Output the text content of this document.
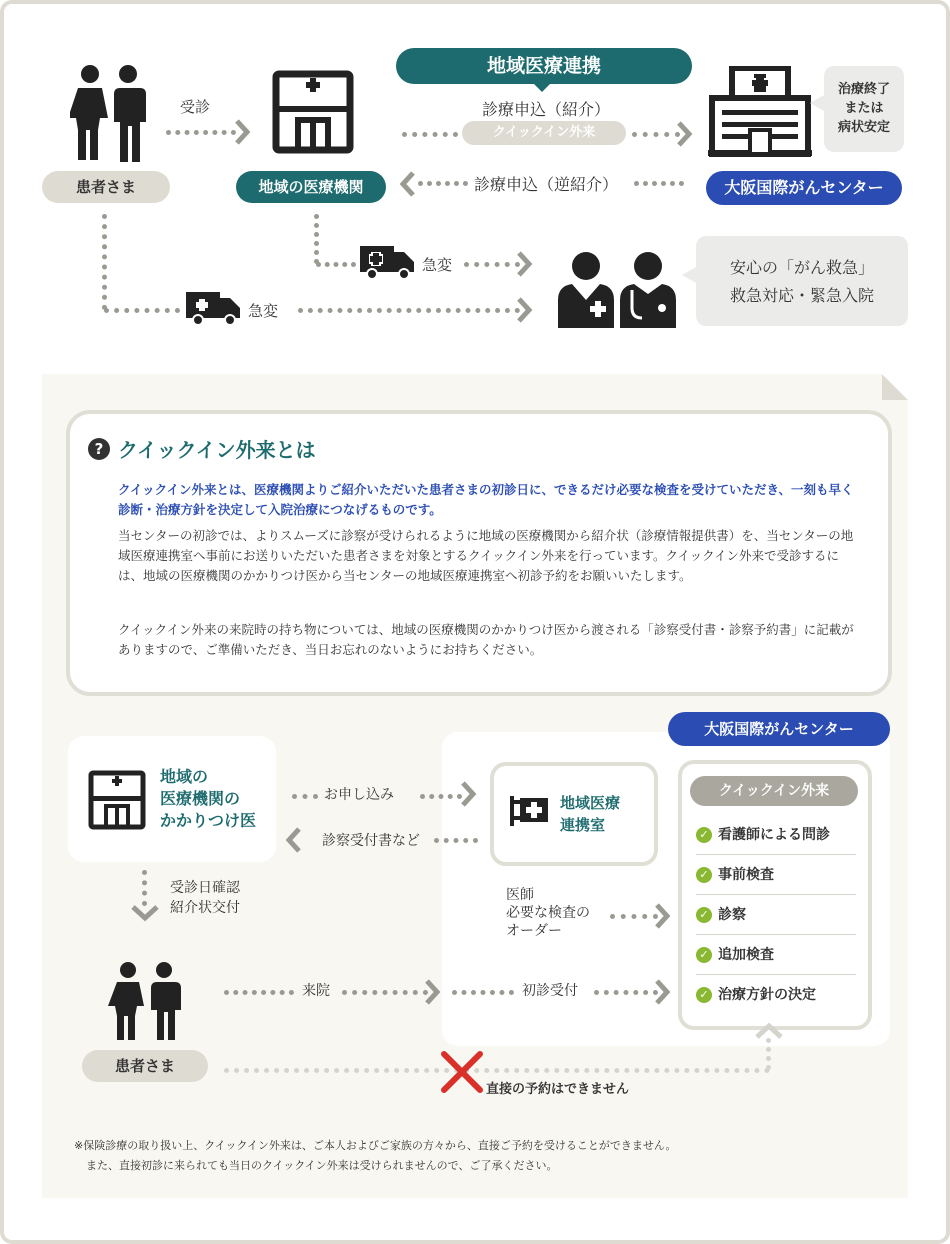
患者さま
受診
地域の医療機関
地域医療連携
診療申込（紹介）
クイックイン外来
診療申込（逆紹介）	大阪国際がんセンター
治療終了
または
病状安定
急変
急変
安心の「がん救急」
救急対応・緊急入院
? クイックイン外来とは
クイックイン外来とは、医療機関よりご紹介いただいた患者さまの初診日に、できるだけ必要な検査を受けていただき、一刻も早く診断・治療方針を決定して入院治療につなげるものです。
当センターの初診では、よりスムーズに診察が受けられるように地域の医療機関から紹介状（診療情報提供書）を、当センターの地域医療連携室へ事前にお送りいただいた患者さまを対象とするクイックイン外来を行っています。クイックイン外来で受診するには、地域の医療機関のかかりつけ医から当センターの地域医療連携室へ初診予約をお願いいたします。
クイックイン外来の来院時の持ち物については、地域の医療機関のかかりつけ医から渡される「診察受付書・診察予約書」に記載がありますので、ご準備いただき、当日お忘れのないようにお持ちください。
大阪国際がんセンター
地域の
医療機関の
かかりつけ医
お申し込み
診察受付書など
地域医療
連携室
クイックイン外来
✓ 看護師による問診
✓ 事前検査
✓ 診察
✓ 追加検査
✓ 治療方針の決定
受診日確認
紹介状交付
医師
必要な検査の
オーダー
患者さま
来院	初診受付
直接の予約はできません
※保険診療の取り扱い上、クイックイン外来は、ご本人およびご家族の方々から、直接ご予約を受けることができません。
また、直接初診に来られても当日のクイックイン外来は受けられませんので、ご了承ください。
